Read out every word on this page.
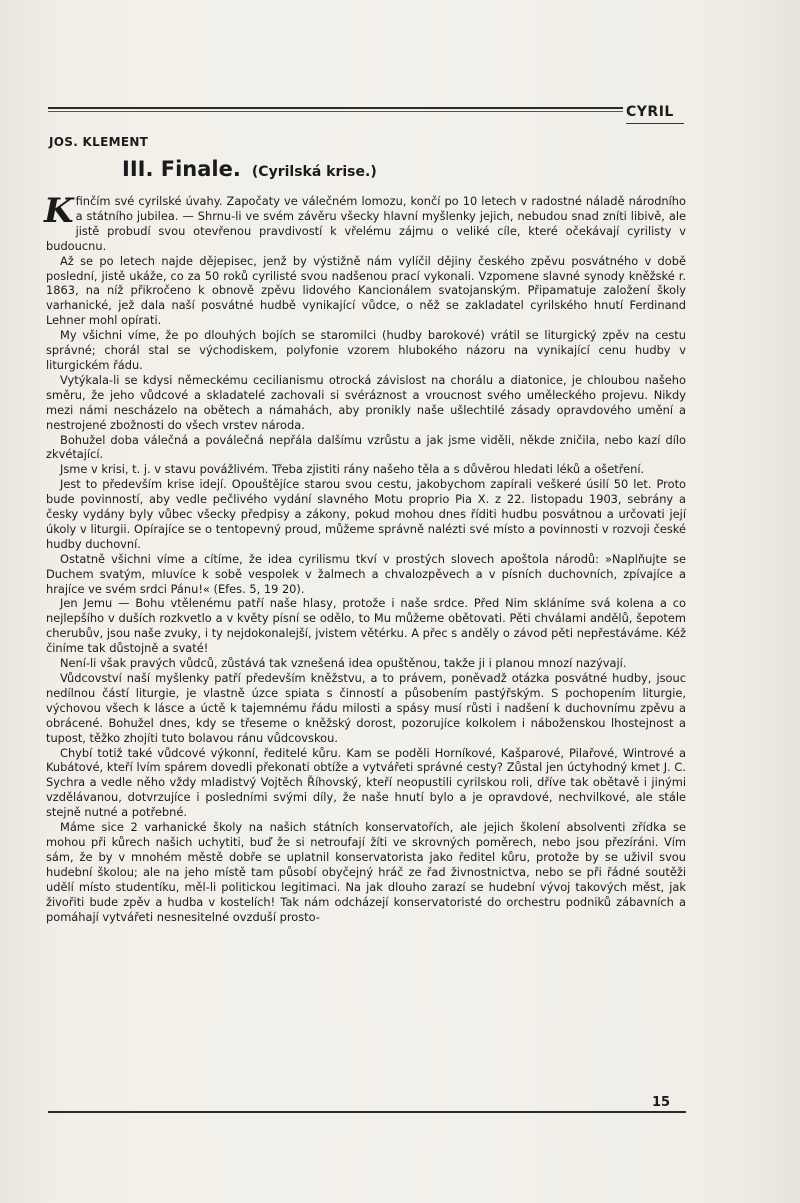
CYRIL
JOS. KLEMENT
III. Finale. (Cyrilská krise.)

Kfinčím své cyrilské úvahy. Započaty ve válečném lomozu, končí po 10 letech v radostné náladě národního a státního jubilea. — Shrnu-li ve svém závěru všecky hlavní myšlenky jejich, nebudou snad zníti libivě, ale jistě probudí svou otevřenou pravdivostí k vřelému zájmu o veliké cíle, které očekávají cyrilisty v budoucnu.

Až se po letech najde dějepisec, jenž by výstižně nám vylíčil dějiny českého zpěvu posvátného v době poslední, jistě ukáže, co za 50 roků cyrilisté svou nadšenou prací vykonali. Vzpomene slavné synody kněžské r. 1863, na níž přikročeno k obnově zpěvu lidového Kancionálem svatojanským. Připamatuje založení školy varhanické, jež dala naší posvátné hudbě vynikající vůdce, o něž se zakladatel cyrilského hnutí Ferdinand Lehner mohl opírati.

My všichni víme, že po dlouhých bojích se staromilci (hudby barokové) vrátil se liturgický zpěv na cestu správné; chorál stal se východiskem, polyfonie vzorem hlubokého názoru na vynikající cenu hudby v liturgickém řádu.

Vytýkala-li se kdysi německému cecilianismu otrocká závislost na chorálu a diatonice, je chloubou našeho směru, že jeho vůdcové a skladatelé zachovali si svéráznost a vroucnost svého uměleckého projevu. Nikdy mezi námi nescházelo na obětech a námahách, aby pronikly naše ušlechtilé zásady opravdového umění a nestrojené zbožnosti do všech vrstev národa.

Bohužel doba válečná a poválečná nepřála dalšímu vzrůstu a jak jsme viděli, někde zničila, nebo kazí dílo zkvétající.

Jsme v krisi, t. j. v stavu povážlivém. Třeba zjistiti rány našeho těla a s důvěrou hledati léků a ošetření.

Jest to především krise idejí. Opouštějíce starou svou cestu, jakobychom zapírali veškeré úsilí 50 let. Proto bude povinností, aby vedle pečlivého vydání slavného Motu proprio Pia X. z 22. listopadu 1903, sebrány a česky vydány byly vůbec všecky předpisy a zákony, pokud mohou dnes říditi hudbu posvátnou a určovati její úkoly v liturgii. Opírajíce se o tentopevný proud, můžeme správně nalézti své místo a povinnosti v rozvoji české hudby duchovní.

Ostatně všichni víme a cítíme, že idea cyrilismu tkví v prostých slovech apoštola národů: »Naplňujte se Duchem svatým, mluvíce k sobě vespolek v žalmech a chvalozpěvech a v písních duchovních, zpívajíce a hrajíce ve svém srdci Pánu!« (Efes. 5, 19 20).

Jen Jemu — Bohu vtělenému patří naše hlasy, protože i naše srdce. Před Nim skláníme svá kolena a co nejlepšího v duších rozkvetlo a v květy písní se odělo, to Mu můžeme obětovati. Pěti chválami andělů, šepotem cherubův, jsou naše zvuky, i ty nejdokonalejší, jvistem větérku. A přec s anděly o závod pěti nepřestáváme. Kéž činíme tak důstojně a svaté!

Není-li však pravých vůdců, zůstává tak vznešená idea opuštěnou, takže ji i planou mnozí nazývají.

Vůdcovství naší myšlenky patří především kněžstvu, a to právem, poněvadž otázka posvátné hudby, jsouc nedílnou částí liturgie, je vlastně úzce spiata s činností a působením pastýřským. S pochopením liturgie, výchovou všech k lásce a úctě k tajemnému řádu milosti a spásy musí růsti i nadšení k duchovnímu zpěvu a obrácené. Bohužel dnes, kdy se třeseme o kněžský dorost, pozorujíce kolkolem i náboženskou lhostejnost a tupost, těžko zhojíti tuto bolavou ránu vůdcovskou.

Chybí totiž také vůdcové výkonní, ředitelé kůru. Kam se poděli Horníkové, Kašparové, Pilařové, Wintrové a Kubátové, kteří lvím spárem dovedli překonati obtíže a vytvářeti správné cesty? Zůstal jen úctyhodný kmet J. C. Sychra a vedle něho vždy mladistvý Vojtěch Říhovský, kteří neopustili cyrilskou roli, dříve tak obětavě i jinými vzdělávanou, dotvrzujíce i posledními svými díly, že naše hnutí bylo a je opravdové, nechvilkové, ale stále stejně nutné a potřebné.

Máme sice 2 varhanické školy na našich státních konservatořích, ale jejich školení absolventi zřídka se mohou při kůrech našich uchytiti, buď že si netroufají žíti ve skrovných poměrech, nebo jsou přezíráni. Vím sám, že by v mnohém městě dobře se uplatnil konservatorista jako ředitel kůru, protože by se uživil svou hudební školou; ale na jeho místě tam působí obyčejný hráč ze řad živnostnictva, nebo se při řádné soutěži udělí místo studentíku, měl-li politickou legitimaci. Na jak dlouho zarazí se hudební vývoj takových měst, jak živořiti bude zpěv a hudba v kostelích! Tak nám odcházejí konservatoristé do orchestru podniků zábavních a pomáhají vytvářeti nesnesitelné ovzduší prosto-

15
